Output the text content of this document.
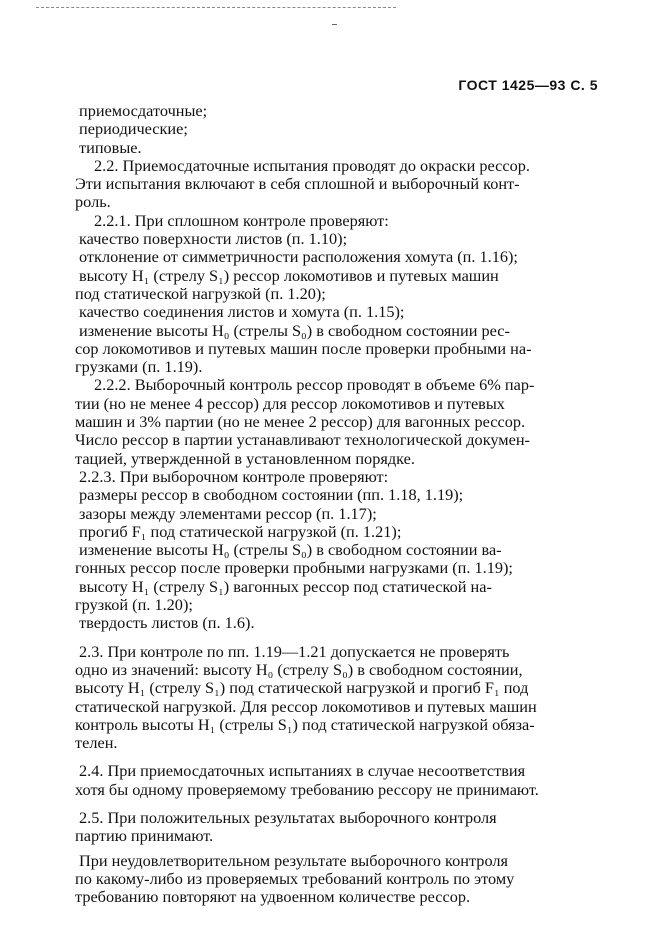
ГОСТ 1425—93 С. 5
приемосдаточные;
периодические;
типовые.
2.2. Приемосдаточные испытания проводят до окраски рессор.
Эти испытания включают в себя сплошной и выборочный конт-
роль.
2.2.1. При сплошном контроле проверяют:
качество поверхности листов (п. 1.10);
отклонение от симметричности расположения хомута (п. 1.16);
высоту H₁ (стрелу S₁) рессор локомотивов и путевых машин
под статической нагрузкой (п. 1.20);
качество соединения листов и хомута (п. 1.15);
изменение высоты H₀ (стрелы S₀) в свободном состоянии рес-
сор локомотивов и путевых машин после проверки пробными на-
грузками (п. 1.19).
2.2.2. Выборочный контроль рессор проводят в объеме 6% пар-
тии (но не менее 4 рессор) для рессор локомотивов и путевых
машин и 3% партии (но не менее 2 рессор) для вагонных рессор.
Число рессор в партии устанавливают технологической докумен-
тацией, утвержденной в установленном порядке.
2.2.3. При выборочном контроле проверяют:
размеры рессор в свободном состоянии (пп. 1.18, 1.19);
зазоры между элементами рессор (п. 1.17);
прогиб F₁ под статической нагрузкой (п. 1.21);
изменение высоты H₀ (стрелы S₀) в свободном состоянии ва-
гонных рессор после проверки пробными нагрузками (п. 1.19);
высоту H₁ (стрелу S₁) вагонных рессор под статической на-
грузкой (п. 1.20);
твердость листов (п. 1.6).
2.3. При контроле по пп. 1.19—1.21 допускается не проверять
одно из значений: высоту H₀ (стрелу S₀) в свободном состоянии,
высоту H₁ (стрелу S₁) под статической нагрузкой и прогиб F₁ под
статической нагрузкой. Для рессор локомотивов и путевых машин
контроль высоты H₁ (стрелы S₁) под статической нагрузкой обяза-
телен.
2.4. При приемосдаточных испытаниях в случае несоответствия
хотя бы одному проверяемому требованию рессору не принимают.
2.5. При положительных результатах выборочного контроля
партию принимают.
При неудовлетворительном результате выборочного контроля
по какому-либо из проверяемых требований контроль по этому
требованию повторяют на удвоенном количестве рессор.
